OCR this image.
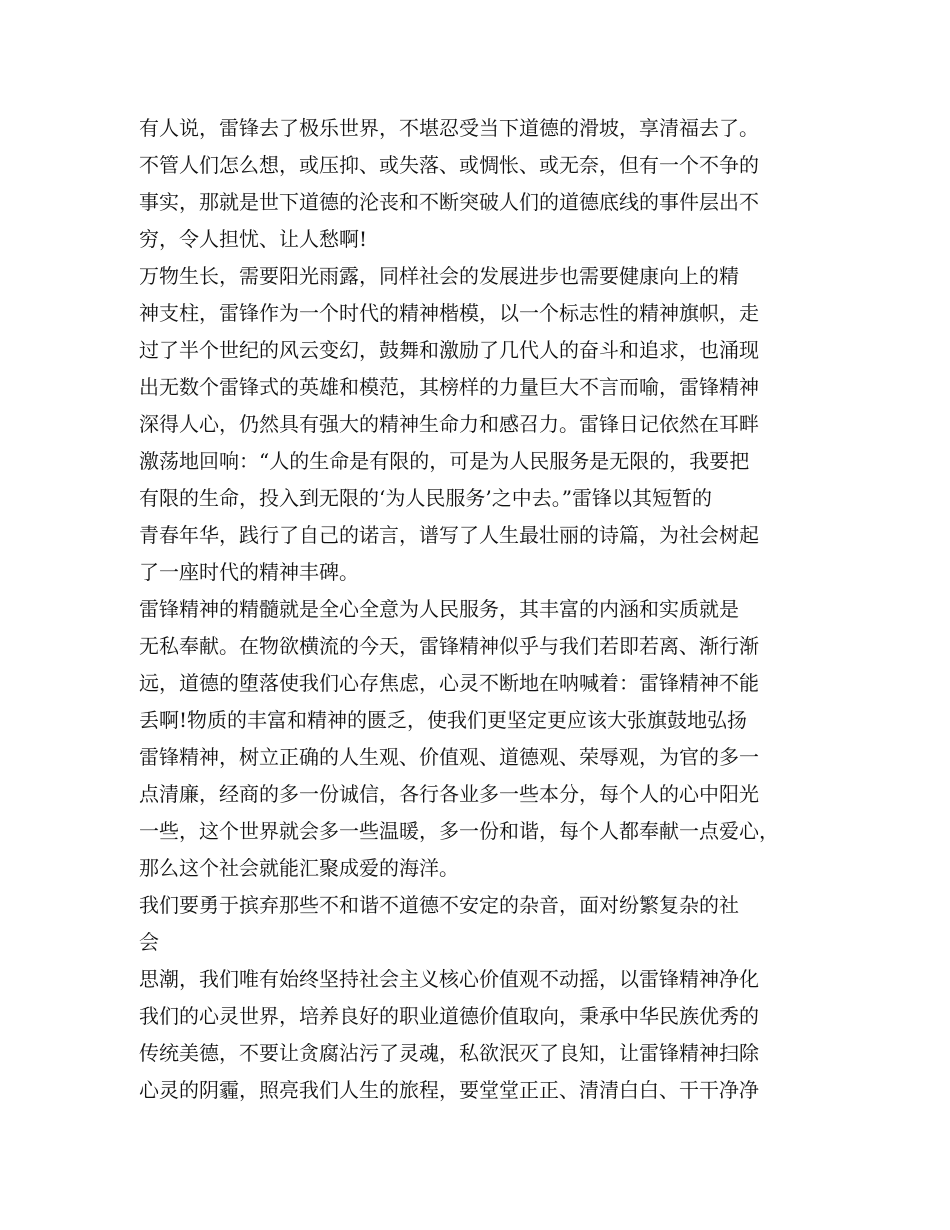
有人说，雷锋去了极乐世界，不堪忍受当下道德的滑坡，享清福去了。
不管人们怎么想，或压抑、或失落、或惆怅、或无奈，但有一个不争的
事实，那就是世下道德的沦丧和不断突破人们的道德底线的事件层出不
穷，令人担忧、让人愁啊!
万物生长，需要阳光雨露，同样社会的发展进步也需要健康向上的精
神支柱，雷锋作为一个时代的精神楷模，以一个标志性的精神旗帜，走
过了半个世纪的风云变幻，鼓舞和激励了几代人的奋斗和追求，也涌现
出无数个雷锋式的英雄和模范，其榜样的力量巨大不言而喻，雷锋精神
深得人心，仍然具有强大的精神生命力和感召力。雷锋日记依然在耳畔
激荡地回响：“人的生命是有限的，可是为人民服务是无限的，我要把
有限的生命，投入到无限的‘为人民服务’之中去。”雷锋以其短暂的
青春年华，践行了自己的诺言，谱写了人生最壮丽的诗篇，为社会树起
了一座时代的精神丰碑。
雷锋精神的精髓就是全心全意为人民服务，其丰富的内涵和实质就是
无私奉献。在物欲横流的今天，雷锋精神似乎与我们若即若离、渐行渐
远，道德的堕落使我们心存焦虑，心灵不断地在呐喊着：雷锋精神不能
丢啊!物质的丰富和精神的匮乏，使我们更坚定更应该大张旗鼓地弘扬
雷锋精神，树立正确的人生观、价值观、道德观、荣辱观，为官的多一
点清廉，经商的多一份诚信，各行各业多一些本分，每个人的心中阳光
一些，这个世界就会多一些温暖，多一份和谐，每个人都奉献一点爱心，
那么这个社会就能汇聚成爱的海洋。
我们要勇于摈弃那些不和谐不道德不安定的杂音，面对纷繁复杂的社
会
思潮，我们唯有始终坚持社会主义核心价值观不动摇，以雷锋精神净化
我们的心灵世界，培养良好的职业道德价值取向，秉承中华民族优秀的
传统美德，不要让贪腐沾污了灵魂，私欲泯灭了良知，让雷锋精神扫除
心灵的阴霾，照亮我们人生的旅程，要堂堂正正、清清白白、干干净净
